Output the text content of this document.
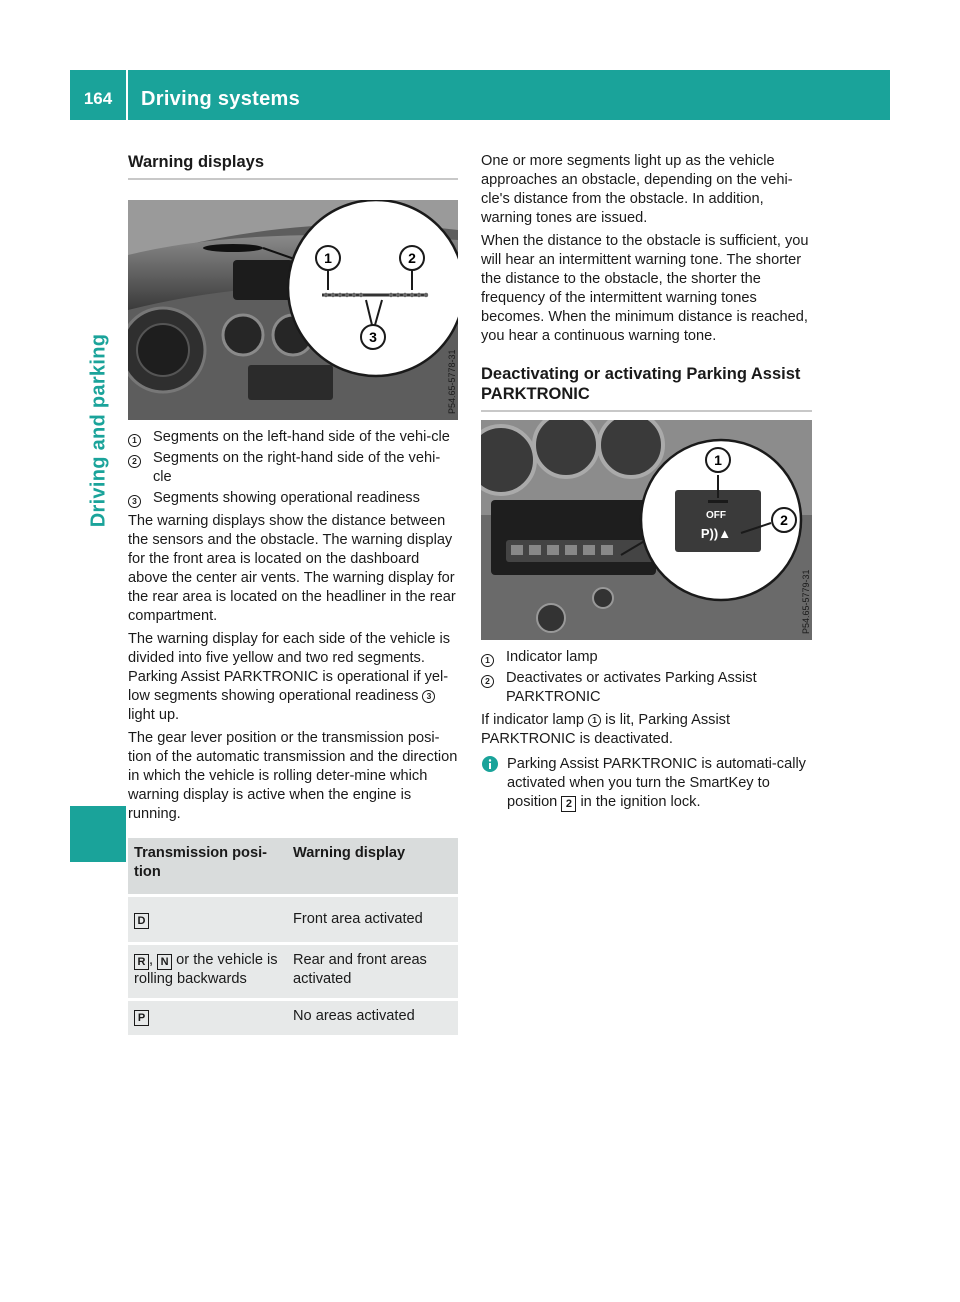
164	Driving systems
Driving and parking
Warning displays
1	2
3
P54.65-5778-31
1	Segments on the left-hand side of the vehi-cle
2	Segments on the right-hand side of the vehi-cle
3	Segments showing operational readiness

The warning displays show the distance between the sensors and the obstacle. The warning display for the front area is located on the dashboard above the center air vents. The warning display for the rear area is located on the headliner in the rear compartment.

The warning display for each side of the vehicle is divided into five yellow and two red segments. Parking Assist PARKTRONIC is operational if yel-low segments showing operational readiness 3 light up.

The gear lever position or the transmission posi-tion of the automatic transmission and the direction in which the vehicle is rolling deter-mine which warning display is active when the engine is running.

Transmission posi-tion	Warning display
D	Front area activated
R , N or the vehicle is rolling backwards	Rear and front areas activated
P	No areas activated

One or more segments light up as the vehicle approaches an obstacle, depending on the vehi-cle's distance from the obstacle. In addition, warning tones are issued.

When the distance to the obstacle is sufficient, you will hear an intermittent warning tone. The shorter the distance to the obstacle, the shorter the frequency of the intermittent warning tones becomes. When the minimum distance is reached, you hear a continuous warning tone.

Deactivating or activating Parking Assist PARKTRONIC
OFF
P))▲
1
2
P54.65-5779-31
1	Indicator lamp
2	Deactivates or activates Parking Assist PARKTRONIC

If indicator lamp 1 is lit, Parking Assist PARKTRONIC is deactivated.

Parking Assist PARKTRONIC is automati-cally activated when you turn the SmartKey to position 2 in the ignition lock.
